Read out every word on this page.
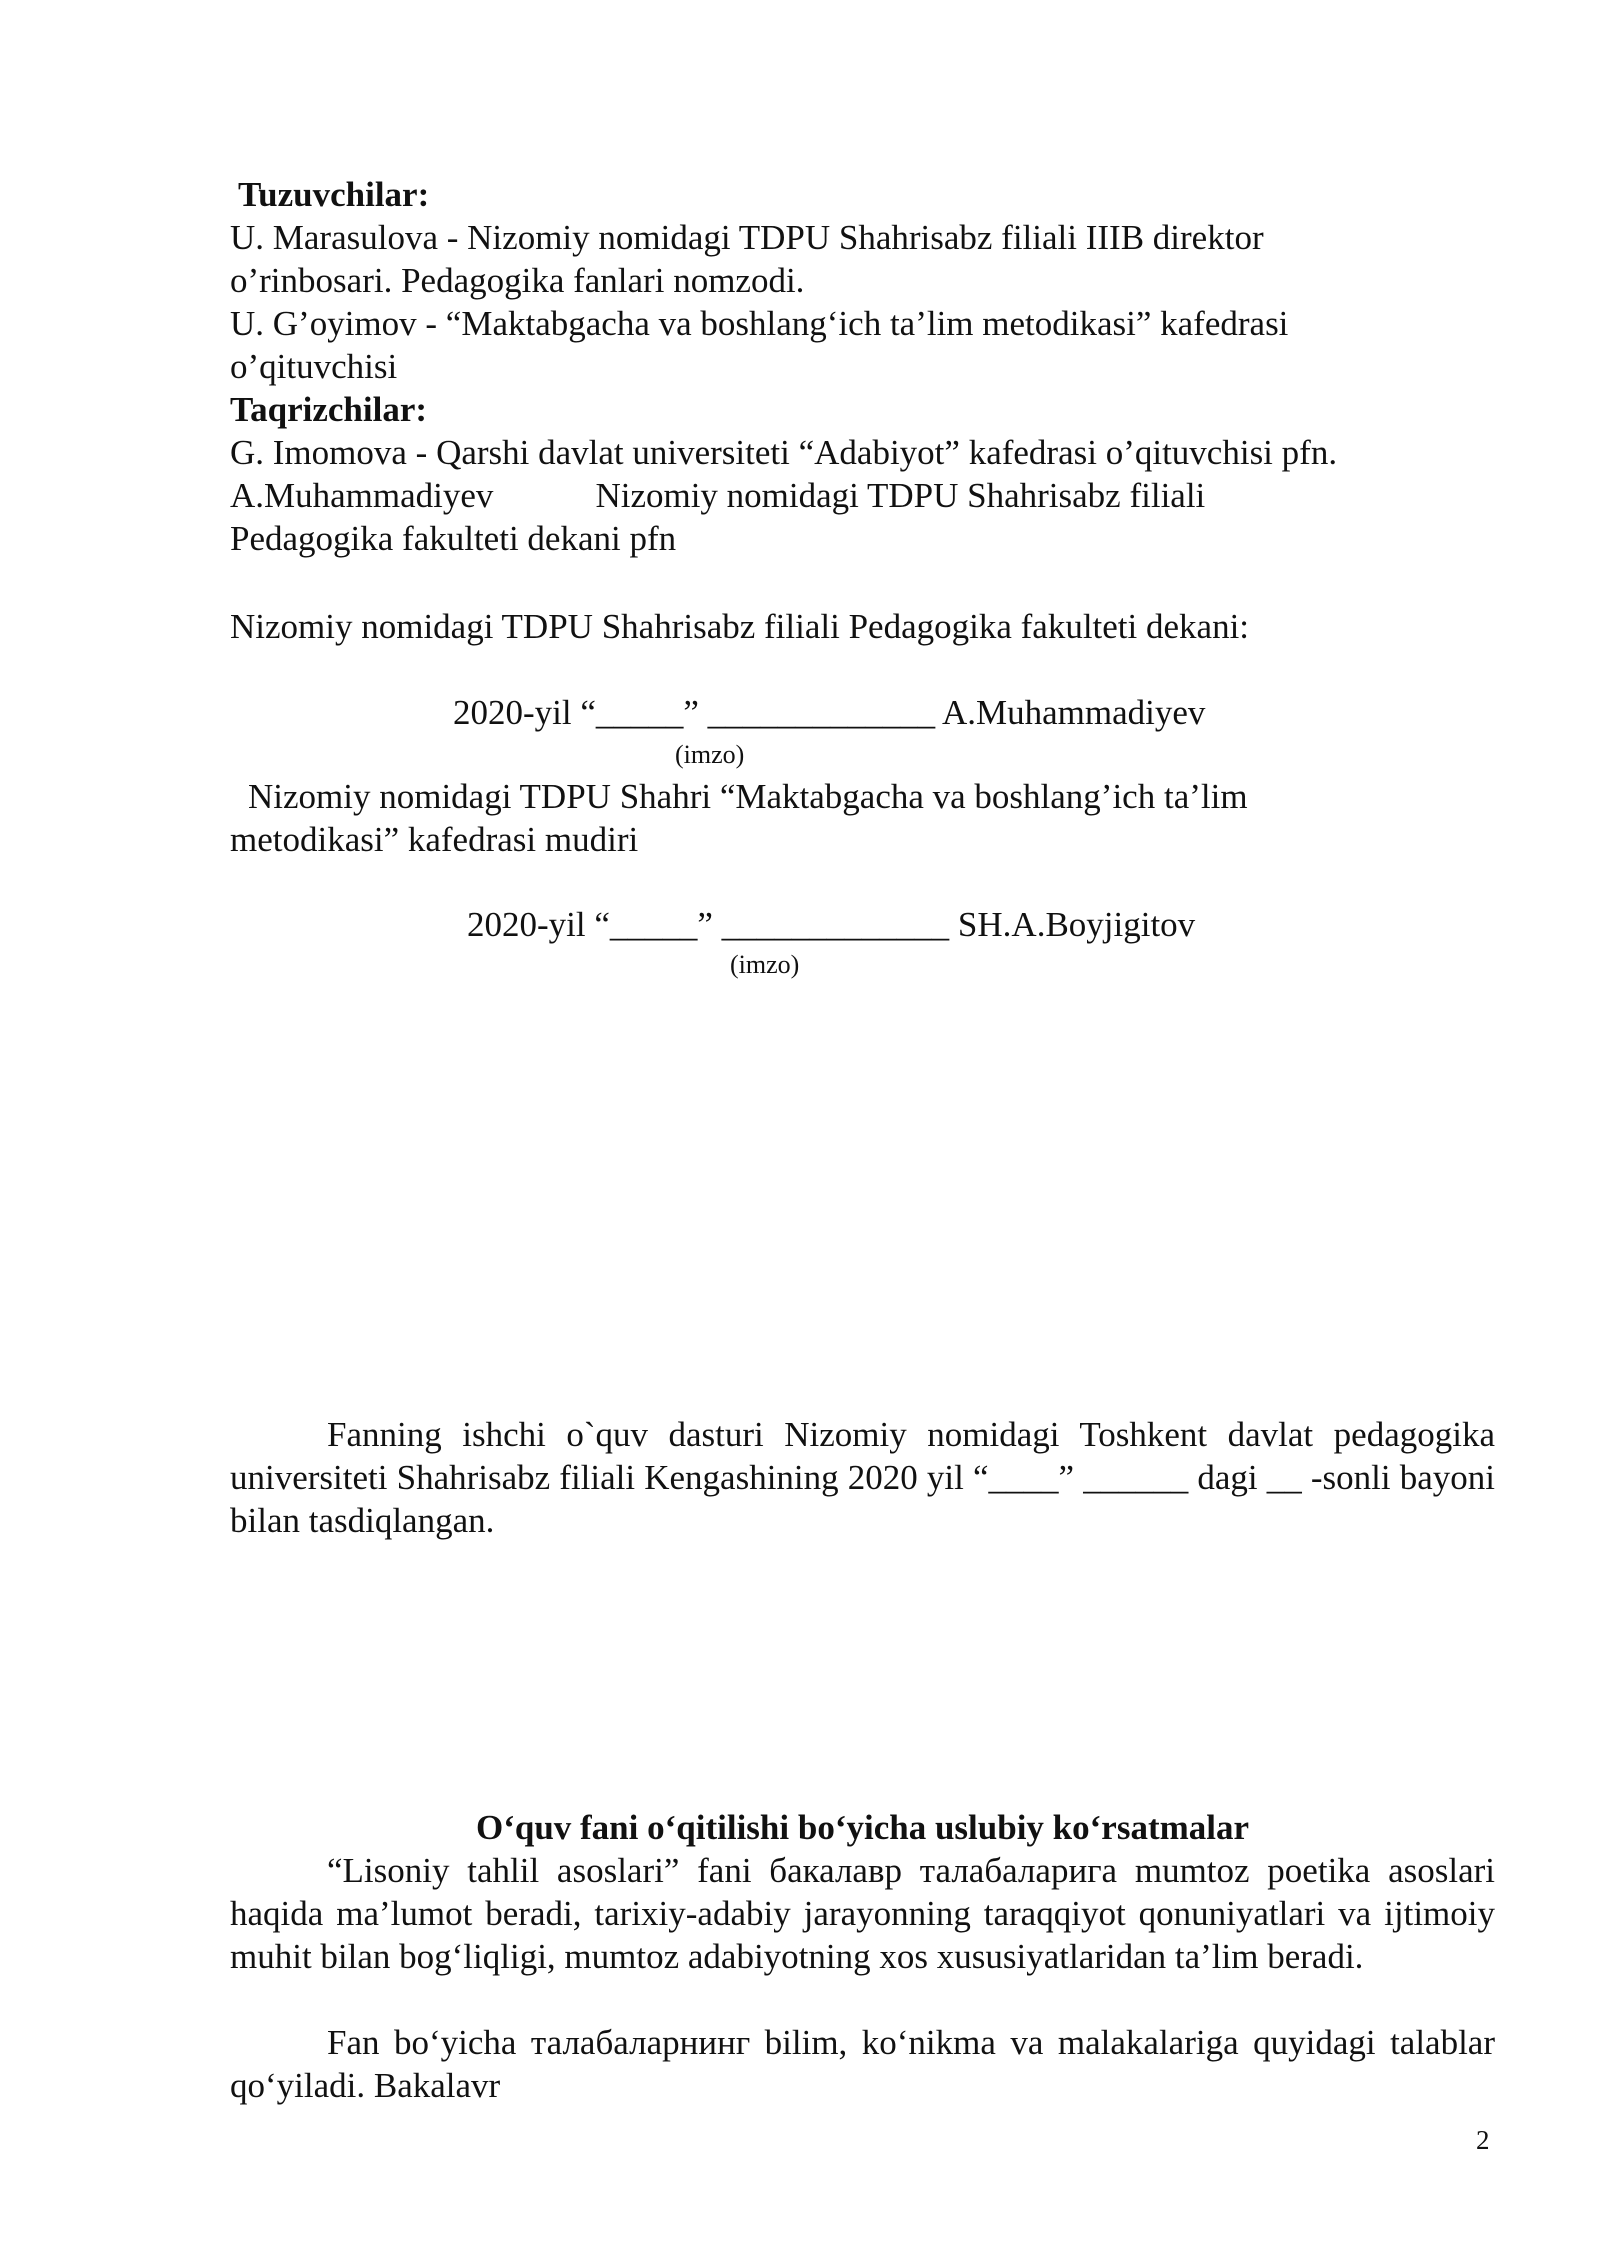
Tuzuvchilar:
U. Marasulova - Nizomiy nomidagi TDPU Shahrisabz filiali IIIB direktor
o’rinbosari. Pedagogika fanlari nomzodi.
U. G’oyimov - “Maktabgacha va boshlang‘ich ta’lim metodikasi” kafedrasi
o’qituvchisi
Taqrizchilar:
G. Imomova - Qarshi davlat universiteti “Adabiyot” kafedrasi o’qituvchisi pfn.
A.Muhammadiyev	Nizomiy nomidagi TDPU Shahrisabz filiali
Pedagogika fakulteti dekani pfn
Nizomiy nomidagi TDPU Shahrisabz filiali Pedagogika fakulteti dekani:
2020-yil “_____” _____________ A.Muhammadiyev
(imzo)
Nizomiy nomidagi TDPU Shahri “Maktabgacha va boshlang’ich ta’lim
metodikasi” kafedrasi mudiri
2020-yil “_____” _____________ SH.A.Boyjigitov
(imzo)
Fanning ishchi o`quv dasturi Nizomiy nomidagi Toshkent davlat pedagogika universiteti Shahrisabz filiali Kengashining 2020 yil “____” ______ dagi __ -sonli bayoni bilan tasdiqlangan.
O‘quv fani o‘qitilishi bo‘yicha uslubiy ko‘rsatmalar
“Lisoniy tahlil asoslari” fani бакалавр талабаларига mumtoz poetika asoslari haqida ma’lumot beradi, tarixiy-adabiy jarayonning taraqqiyot qonuniyatlari va ijtimoiy muhit bilan bog‘liqligi, mumtoz adabiyotning xos xususiyatlaridan ta’lim beradi.
Fan bo‘yicha талабаларнинг bilim, ko‘nikma va malakalariga quyidagi talablar qo‘yiladi. Bakalavr
2
